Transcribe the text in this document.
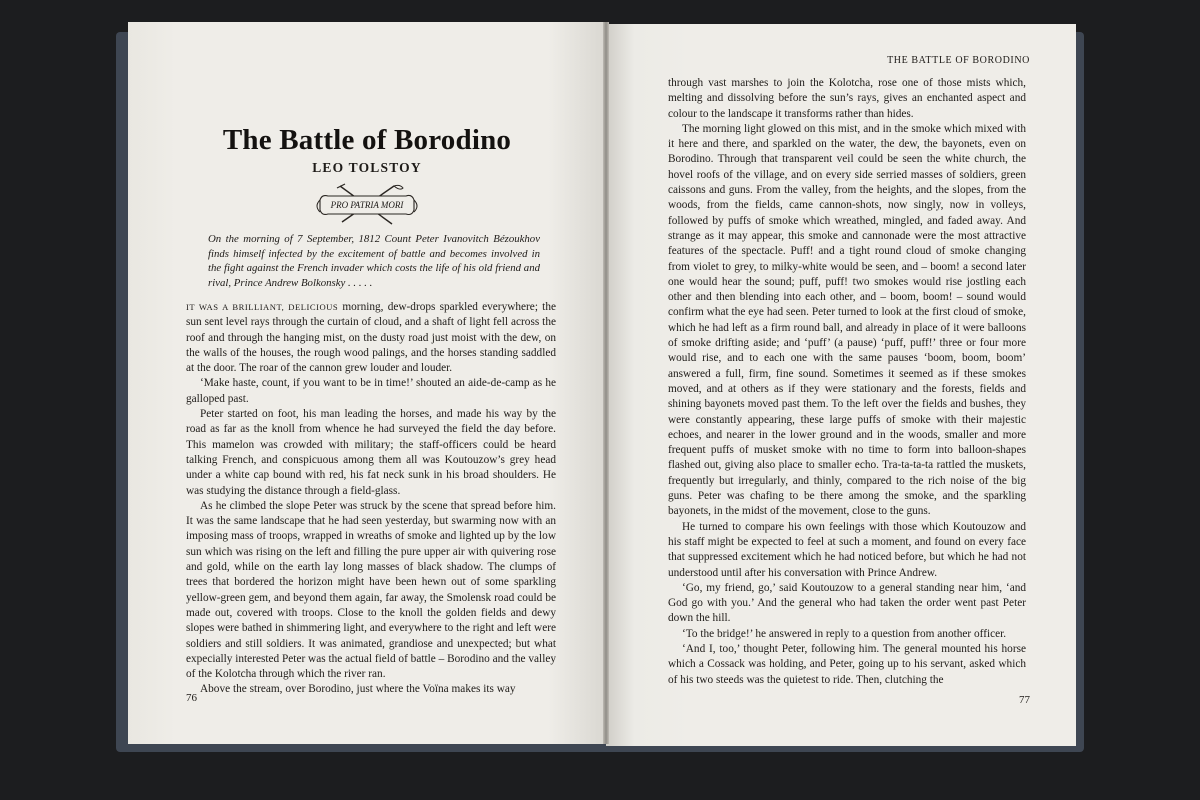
The Battle of Borodino
LEO TOLSTOY
PRO PATRIA MORI

On the morning of 7 September, 1812 Count Peter Ivanovitch Bézoukhov finds himself infected by the excitement of battle and becomes involved in the fight against the French invader which costs the life of his old friend and rival, Prince Andrew Bolkonsky . . . . .

IT WAS A BRILLIANT, DELICIOUS morning, dew-drops sparkled everywhere; the sun sent level rays through the curtain of cloud, and a shaft of light fell across the roof and through the hanging mist, on the dusty road just moist with the dew, on the walls of the houses, the rough wood palings, and the horses standing saddled at the door. The roar of the cannon grew louder and louder.

‘Make haste, count, if you want to be in time!’ shouted an aide-de-camp as he galloped past.

Peter started on foot, his man leading the horses, and made his way by the road as far as the knoll from whence he had surveyed the field the day before. This mamelon was crowded with military; the staff-officers could be heard talking French, and conspicuous among them all was Koutouzow’s grey head under a white cap bound with red, his fat neck sunk in his broad shoulders. He was studying the distance through a field-glass.

As he climbed the slope Peter was struck by the scene that spread before him. It was the same landscape that he had seen yesterday, but swarming now with an imposing mass of troops, wrapped in wreaths of smoke and lighted up by the low sun which was rising on the left and filling the pure upper air with quivering rose and gold, while on the earth lay long masses of black shadow. The clumps of trees that bordered the horizon might have been hewn out of some sparkling yellow-green gem, and beyond them again, far away, the Smolensk road could be made out, covered with troops. Close to the knoll the golden fields and dewy slopes were bathed in shimmering light, and everywhere to the right and left were soldiers and still soldiers. It was animated, grandiose and unexpected; but what expecially interested Peter was the actual field of battle – Borodino and the valley of the Kolotcha through which the river ran.

Above the stream, over Borodino, just where the Voïna makes its way

76

THE BATTLE OF BORODINO

through vast marshes to join the Kolotcha, rose one of those mists which, melting and dissolving before the sun’s rays, gives an enchanted aspect and colour to the landscape it transforms rather than hides.

The morning light glowed on this mist, and in the smoke which mixed with it here and there, and sparkled on the water, the dew, the bayonets, even on Borodino. Through that transparent veil could be seen the white church, the hovel roofs of the village, and on every side serried masses of soldiers, green caissons and guns. From the valley, from the heights, and the slopes, from the woods, from the fields, came cannon-shots, now singly, now in volleys, followed by puffs of smoke which wreathed, mingled, and faded away. And strange as it may appear, this smoke and cannonade were the most attractive features of the spectacle. Puff! and a tight round cloud of smoke changing from violet to grey, to milky-white would be seen, and – boom! a second later one would hear the sound; puff, puff! two smokes would rise jostling each other and then blending into each other, and – boom, boom! – sound would confirm what the eye had seen. Peter turned to look at the first cloud of smoke, which he had left as a firm round ball, and already in place of it were balloons of smoke drifting aside; and ‘puff’ (a pause) ‘puff, puff!’ three or four more would rise, and to each one with the same pauses ‘boom, boom, boom’ answered a full, firm, fine sound. Sometimes it seemed as if these smokes moved, and at others as if they were stationary and the forests, fields and shining bayonets moved past them. To the left over the fields and bushes, they were constantly appearing, these large puffs of smoke with their majestic echoes, and nearer in the lower ground and in the woods, smaller and more frequent puffs of musket smoke with no time to form into balloon-shapes flashed out, giving also place to smaller echo. Tra-ta-ta-ta rattled the muskets, frequently but irregularly, and thinly, compared to the rich noise of the big guns. Peter was chafing to be there among the smoke, and the sparkling bayonets, in the midst of the movement, close to the guns.

He turned to compare his own feelings with those which Koutouzow and his staff might be expected to feel at such a moment, and found on every face that suppressed excitement which he had noticed before, but which he had not understood until after his conversation with Prince Andrew.

‘Go, my friend, go,’ said Koutouzow to a general standing near him, ‘and God go with you.’ And the general who had taken the order went past Peter down the hill.

‘To the bridge!’ he answered in reply to a question from another officer.

‘And I, too,’ thought Peter, following him. The general mounted his horse which a Cossack was holding, and Peter, going up to his servant, asked which of his two steeds was the quietest to ride. Then, clutching the

77
